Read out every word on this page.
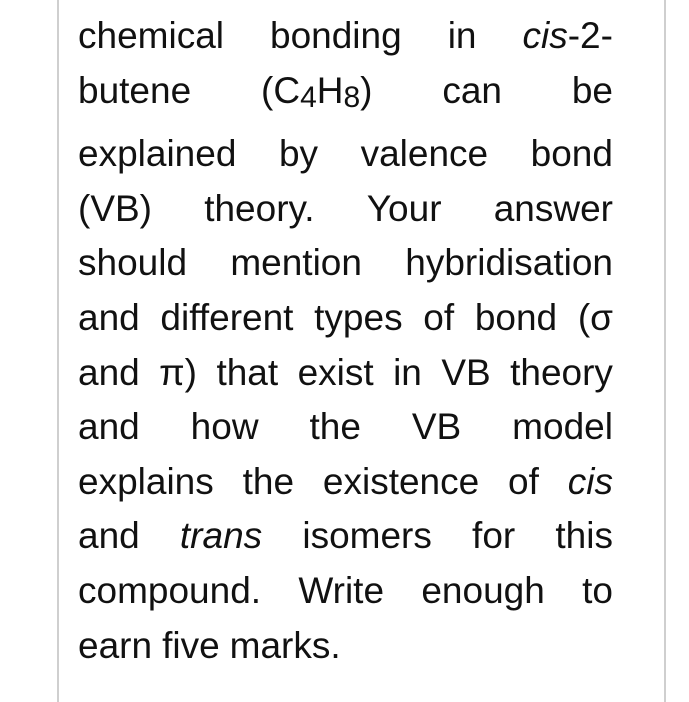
chemical bonding in cis-2-
butene (C4H8) can be
explained by valence bond
(VB) theory. Your answer
should mention hybridisation
and different types of bond (σ
and π) that exist in VB theory
and how the VB model
explains the existence of cis
and trans isomers for this
compound. Write enough to
earn five marks.
